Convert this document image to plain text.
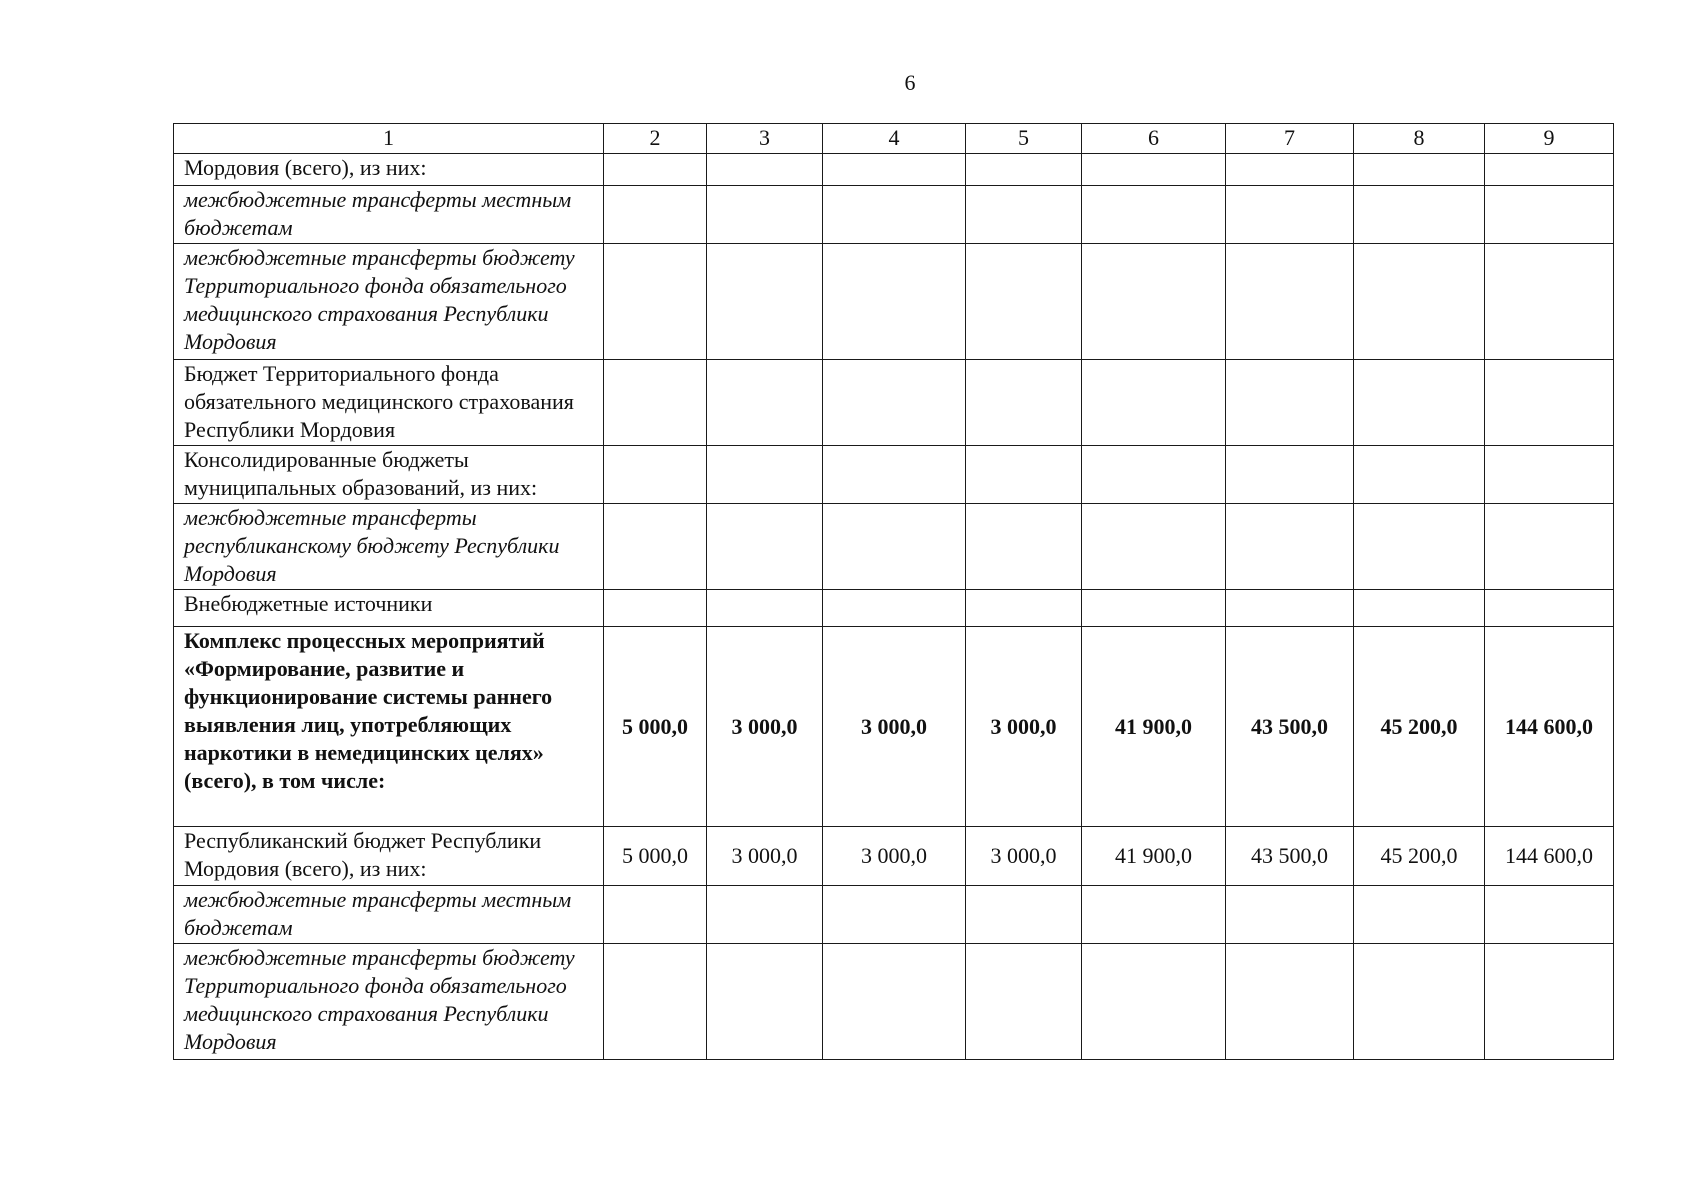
6
1	2	3	4	5	6	7	8	9
Мордовия (всего), из них:								
межбюджетные трансферты местным бюджетам								
межбюджетные трансферты бюджету Территориального фонда обязательного медицинского страхования Республики Мордовия								
Бюджет Территориального фонда обязательного медицинского страхования Республики Мордовия								
Консолидированные бюджеты муниципальных образований, из них:								
межбюджетные трансферты республиканскому бюджету Республики Мордовия								
Внебюджетные источники								
Комплекс процессных мероприятий «Формирование, развитие и функционирование системы раннего выявления лиц, употребляющих наркотики в немедицинских целях» (всего), в том числе:	5 000,0	3 000,0	3 000,0	3 000,0	41 900,0	43 500,0	45 200,0	144 600,0
Республиканский бюджет Республики Мордовия (всего), из них:	5 000,0	3 000,0	3 000,0	3 000,0	41 900,0	43 500,0	45 200,0	144 600,0
межбюджетные трансферты местным бюджетам								
межбюджетные трансферты бюджету Территориального фонда обязательного медицинского страхования Республики Мордовия								
